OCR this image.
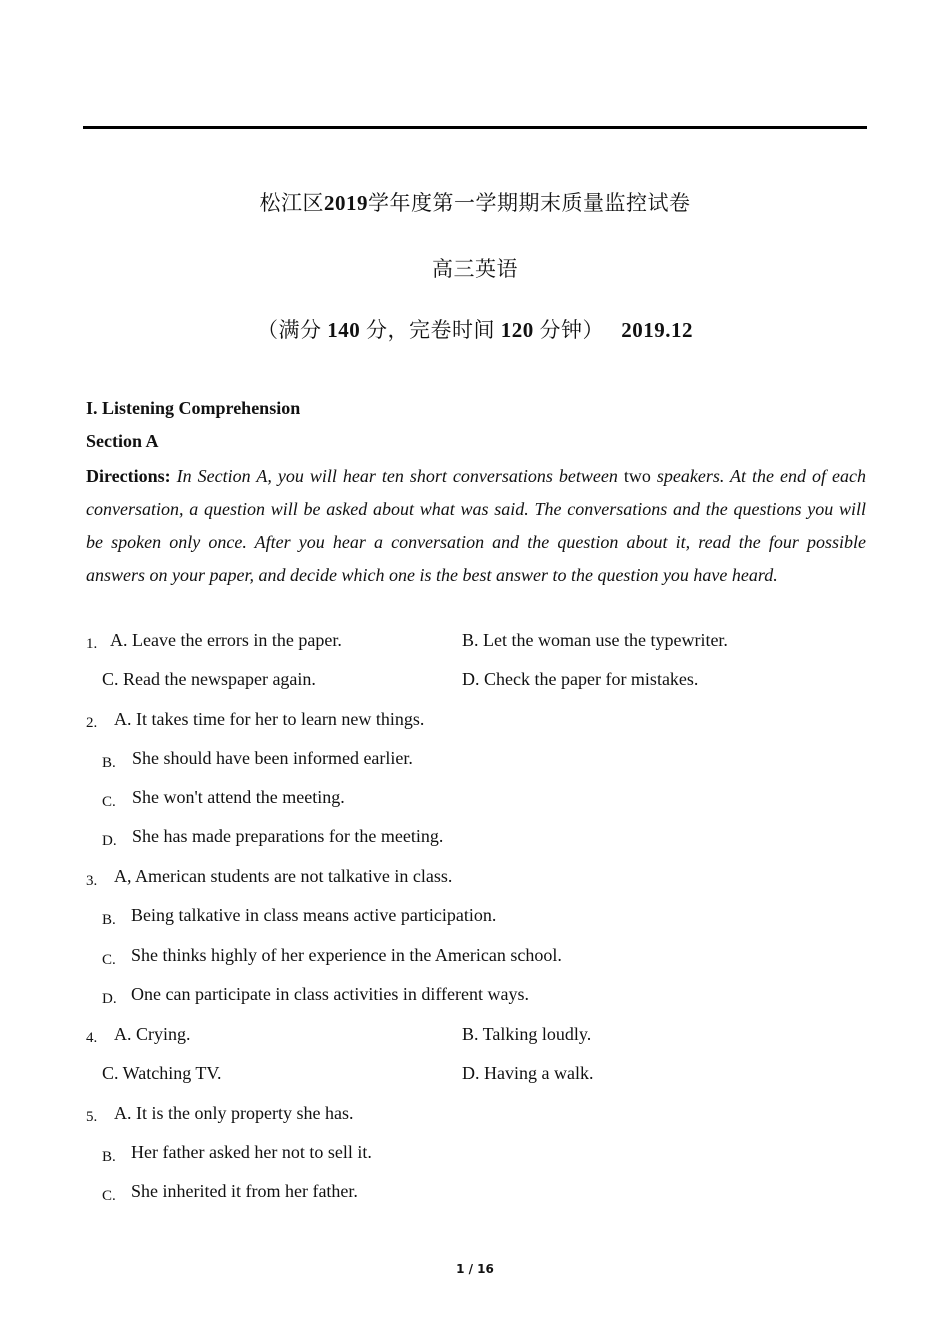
松江区2019学年度第一学期期末质量监控试卷
高三英语
（满分 140 分，完卷时间 120 分钟） 2019.12
I. Listening Comprehension
Section A
Directions: In Section A, you will hear ten short conversations between two speakers. At the end of each conversation, a question will be asked about what was said. The conversations and the questions you will be spoken only once. After you hear a conversation and the question about it, read the four possible answers on your paper, and decide which one is the best answer to the question you have heard.
1. A. Leave the errors in the paper.	B. Let the woman use the typewriter.
C. Read the newspaper again.	D. Check the paper for mistakes.
2. A. It takes time for her to learn new things.
B. She should have been informed earlier.
C. She won't attend the meeting.
D. She has made preparations for the meeting.
3. A, American students are not talkative in class.
B. Being talkative in class means active participation.
C. She thinks highly of her experience in the American school.
D. One can participate in class activities in different ways.
4. A. Crying.	B. Talking loudly.
C. Watching TV.	D. Having a walk.
5. A. It is the only property she has.
B. Her father asked her not to sell it.
C. She inherited it from her father.
1 / 16
